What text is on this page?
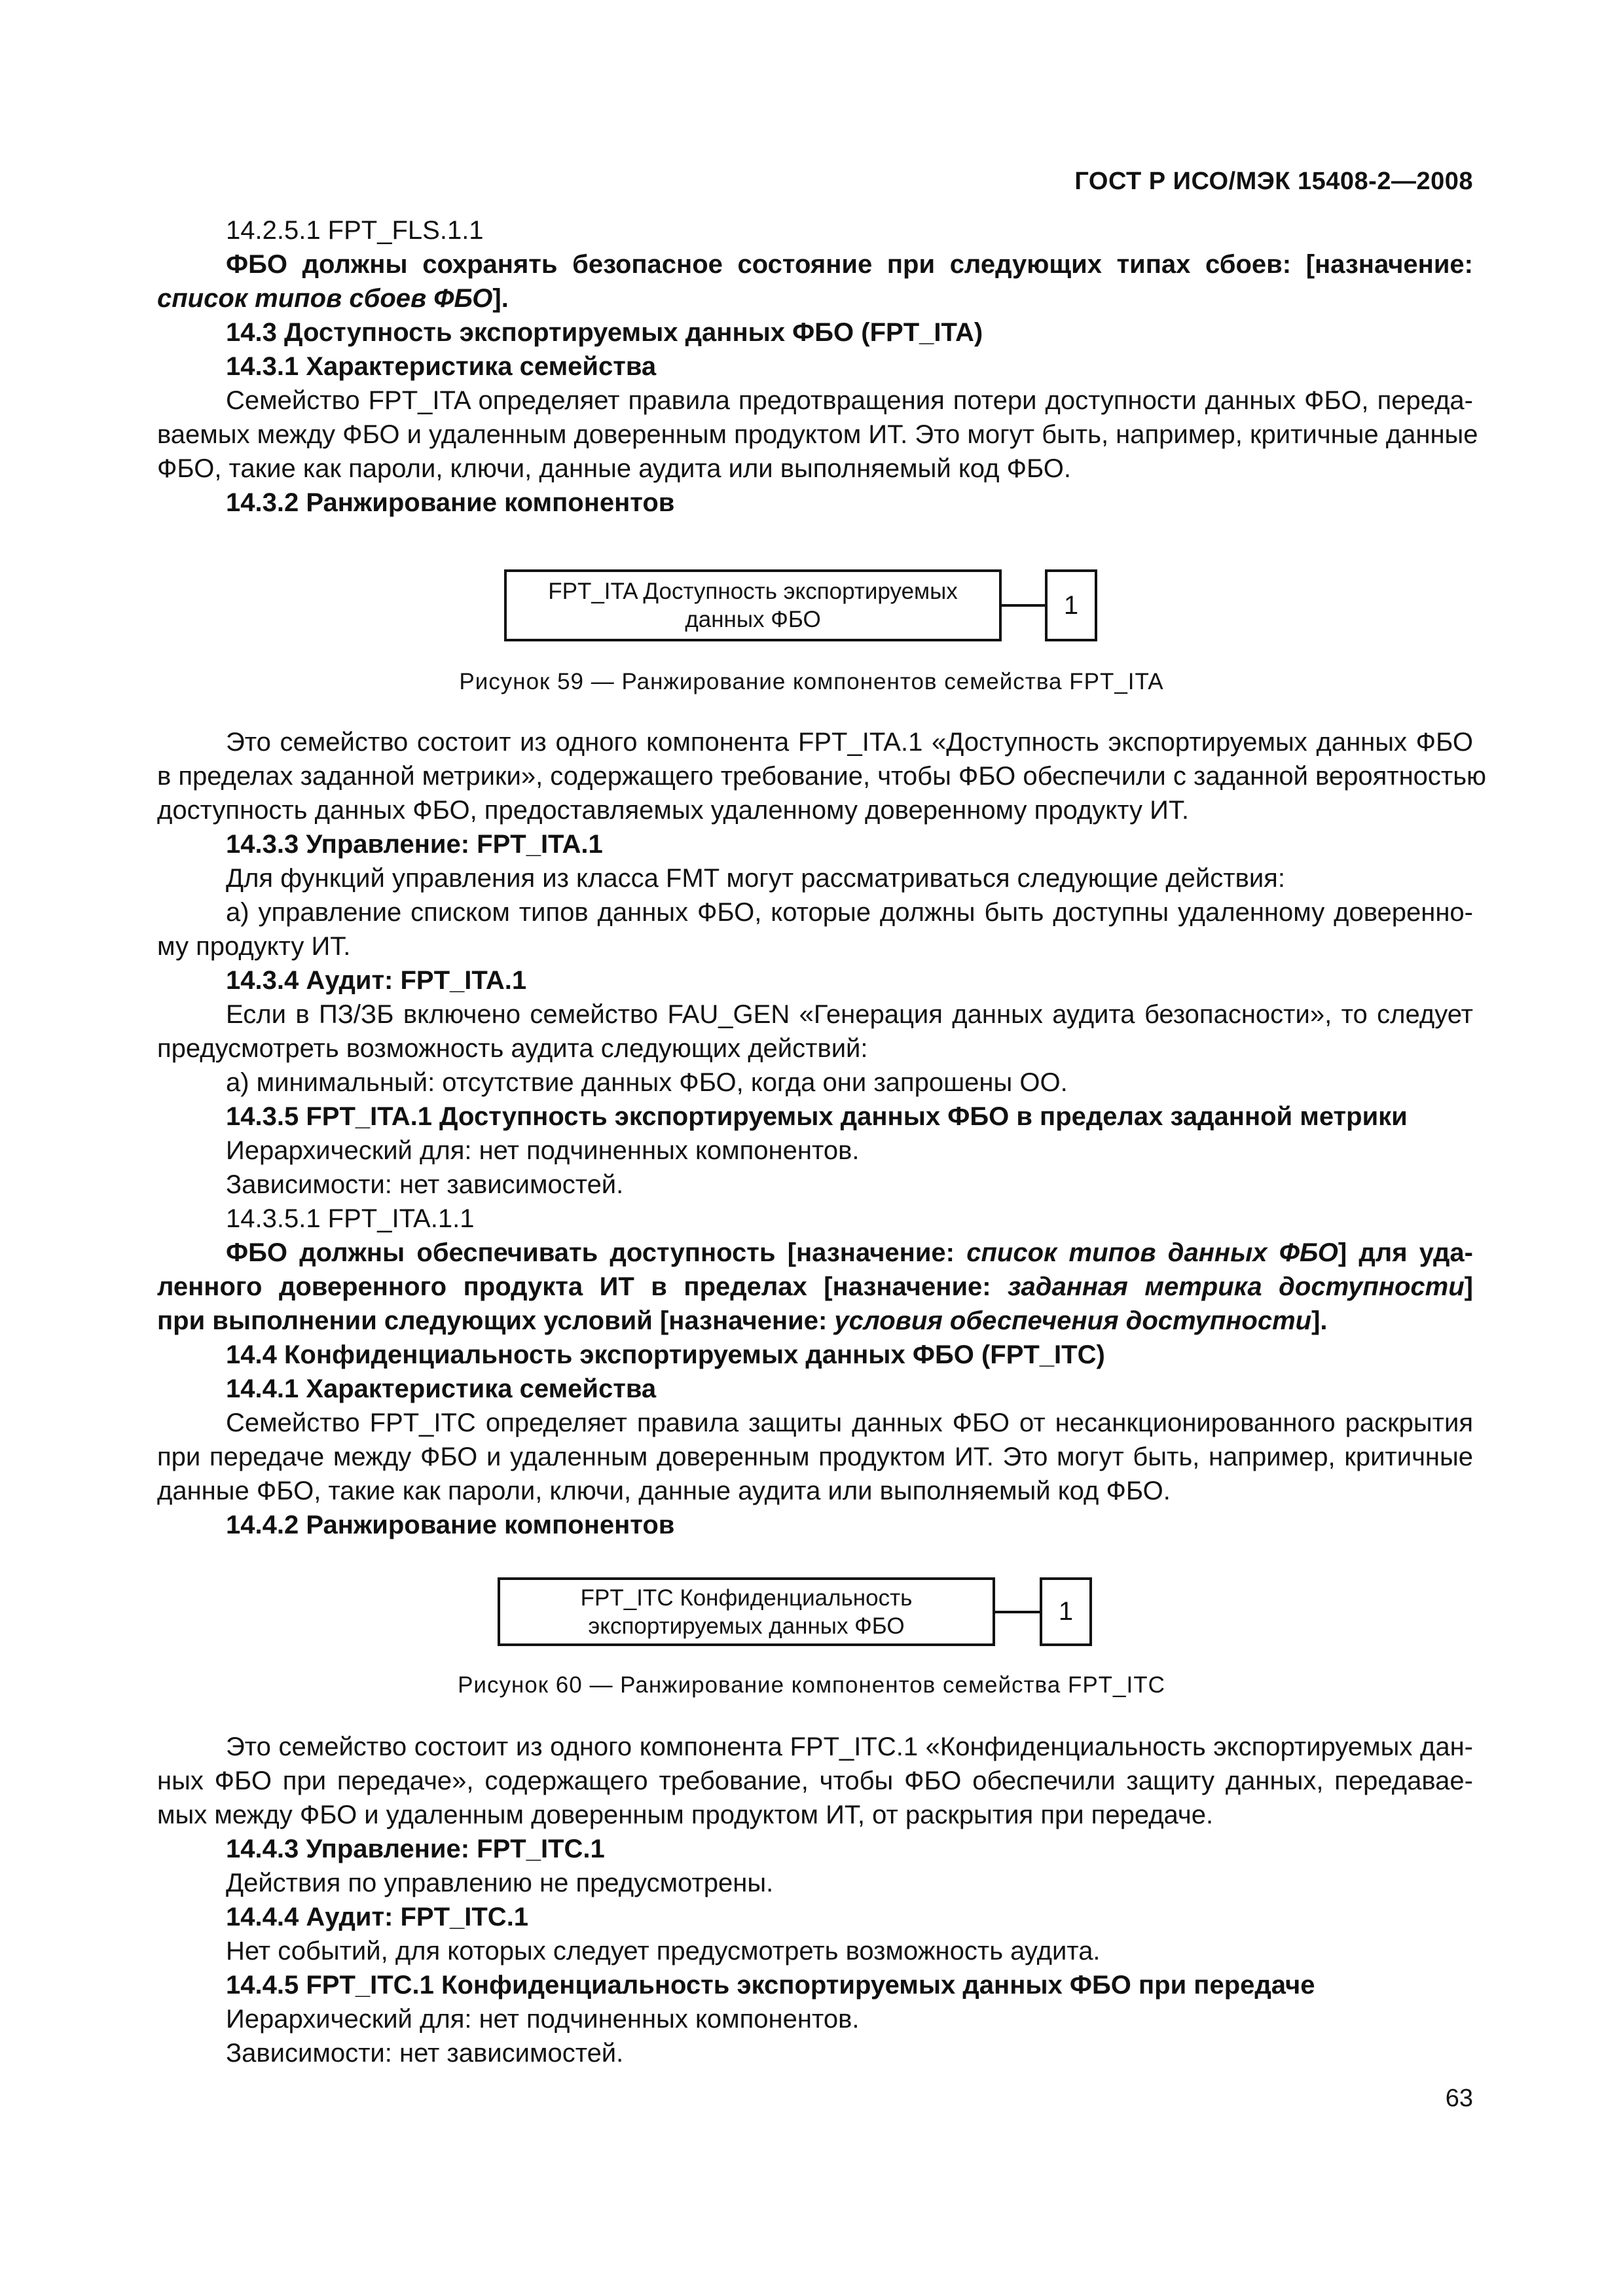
ГОСТ Р ИСО/МЭК 15408-2—2008
14.2.5.1 FPT_FLS.1.1
ФБО должны сохранять безопасное состояние при следующих типах сбоев: [назначение:
список типов сбоев ФБО].
14.3 Доступность экспортируемых данных ФБО (FPT_ITA)
14.3.1 Характеристика семейства
Семейство FPT_ITA определяет правила предотвращения потери доступности данных ФБО, переда-
ваемых между ФБО и удаленным доверенным продуктом ИТ. Это могут быть, например, критичные данные
ФБО, такие как пароли, ключи, данные аудита или выполняемый код ФБО.
14.3.2 Ранжирование компонентов
Это семейство состоит из одного компонента FPT_ITA.1 «Доступность экспортируемых данных ФБО
в пределах заданной метрики», содержащего требование, чтобы ФБО обеспечили с заданной вероятностью
доступность данных ФБО, предоставляемых удаленному доверенному продукту ИТ.
14.3.3 Управление: FPT_ITA.1
Для функций управления из класса FMT могут рассматриваться следующие действия:
а) управление списком типов данных ФБО, которые должны быть доступны удаленному доверенно-
му продукту ИТ.
14.3.4 Аудит: FPT_ITA.1
Если в ПЗ/ЗБ включено семейство FAU_GEN «Генерация данных аудита безопасности», то следует
предусмотреть возможность аудита следующих действий:
а) минимальный: отсутствие данных ФБО, когда они запрошены ОО.
14.3.5 FPT_ITA.1 Доступность экспортируемых данных ФБО в пределах заданной метрики
Иерархический для: нет подчиненных компонентов.
Зависимости: нет зависимостей.
14.3.5.1 FPT_ITA.1.1
ФБО должны обеспечивать доступность [назначение: список типов данных ФБО] для уда-
ленного доверенного продукта ИТ в пределах [назначение: заданная метрика доступности]
при выполнении следующих условий [назначение: условия обеспечения доступности].
14.4 Конфиденциальность экспортируемых данных ФБО (FPT_ITC)
14.4.1 Характеристика семейства
Семейство FPT_ITC определяет правила защиты данных ФБО от несанкционированного раскрытия
при передаче между ФБО и удаленным доверенным продуктом ИТ. Это могут быть, например, критичные
данные ФБО, такие как пароли, ключи, данные аудита или выполняемый код ФБО.
14.4.2 Ранжирование компонентов
Это семейство состоит из одного компонента FPT_ITC.1 «Конфиденциальность экспортируемых дан-
ных ФБО при передаче», содержащего требование, чтобы ФБО обеспечили защиту данных, передавае-
мых между ФБО и удаленным доверенным продуктом ИТ, от раскрытия при передаче.
14.4.3 Управление: FPT_ITC.1
Действия по управлению не предусмотрены.
14.4.4 Аудит: FPT_ITC.1
Нет событий, для которых следует предусмотреть возможность аудита.
14.4.5 FPT_ITC.1 Конфиденциальность экспортируемых данных ФБО при передаче
Иерархический для: нет подчиненных компонентов.
Зависимости: нет зависимостей.
FPT_ITA Доступность экспортируемых
данных ФБО	1
Рисунок 59 — Ранжирование компонентов семейства FPT_ITA
FPT_ITC Конфиденциальность
экспортируемых данных ФБО	1
Рисунок 60 — Ранжирование компонентов семейства FPT_ITC
63
